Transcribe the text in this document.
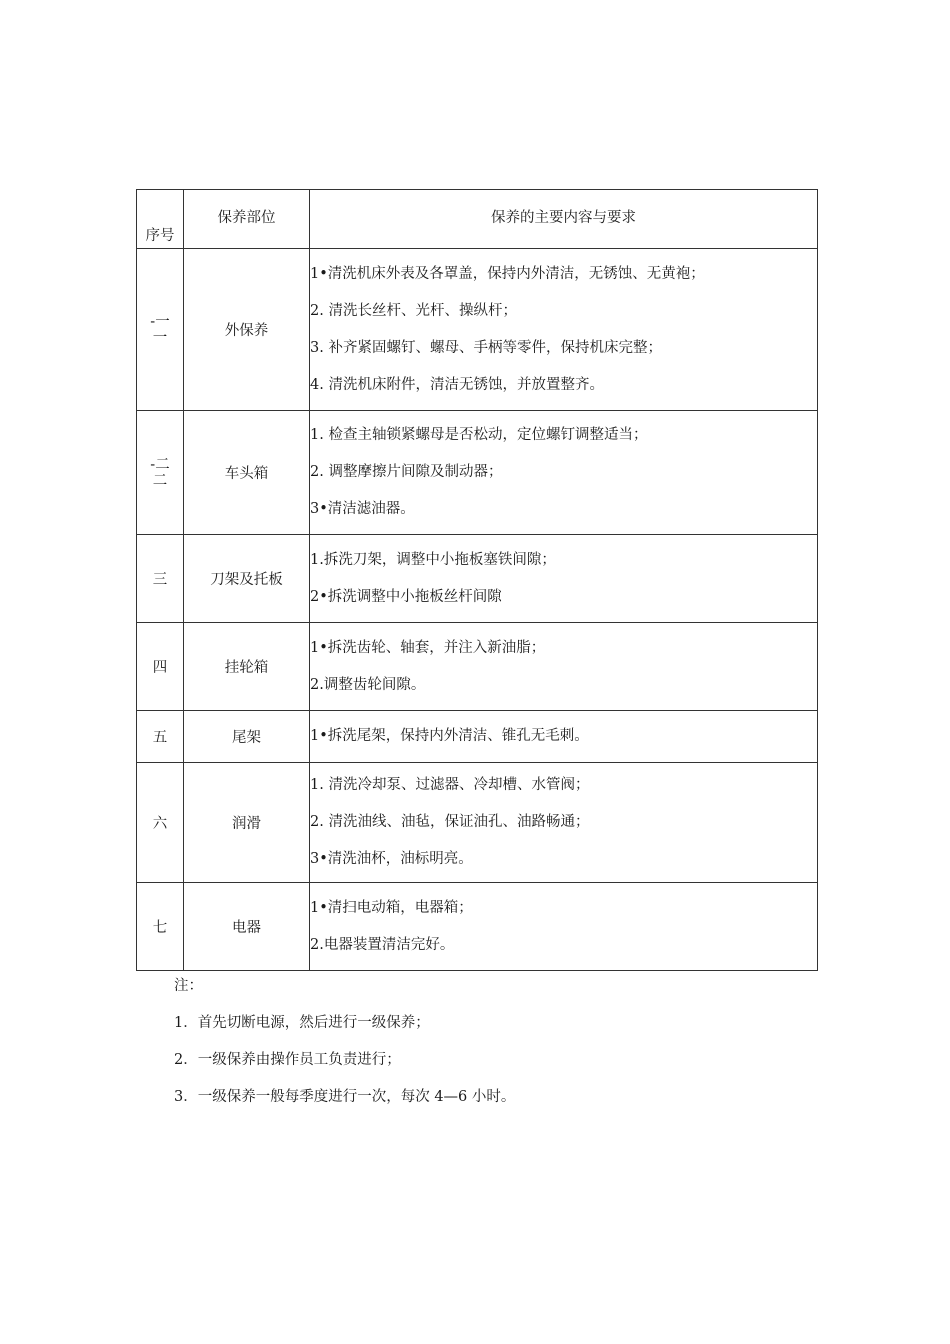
序号	保养部位	保养的主要内容与要求

-一
一	外保养	1•清洗机床外表及各罩盖，保持内外清洁，无锈蚀、无黄袍；
2. 清洗长丝杆、光杆、操纵杆；
3. 补齐紧固螺钉、螺母、手柄等零件，保持机床完整；
4. 清洗机床附件，清洁无锈蚀，并放置整齐。

-二
二	车头箱	1. 检查主轴锁紧螺母是否松动，定位螺钉调整适当；
2. 调整摩擦片间隙及制动器；
3•清洁滤油器。

三	刀架及托板	1.拆洗刀架，调整中小拖板塞铁间隙；
2•拆洗调整中小拖板丝杆间隙

四	挂轮箱	1•拆洗齿轮、轴套，并注入新油脂；
2.调整齿轮间隙。

五	尾架	1•拆洗尾架，保持内外清洁、锥孔无毛刺。

六	润滑	1. 清洗冷却泵、过滤器、冷却槽、水管阀；
2. 清洗油线、油毡，保证油孔、油路畅通；
3•清洗油杯，油标明亮。

七	电器	1•清扫电动箱，电器箱；
2.电器装置清洁完好。
注：
1．首先切断电源，然后进行一级保养；
2．一级保养由操作员工负责进行；
3．一级保养一般每季度进行一次，每次 4—6 小时。
